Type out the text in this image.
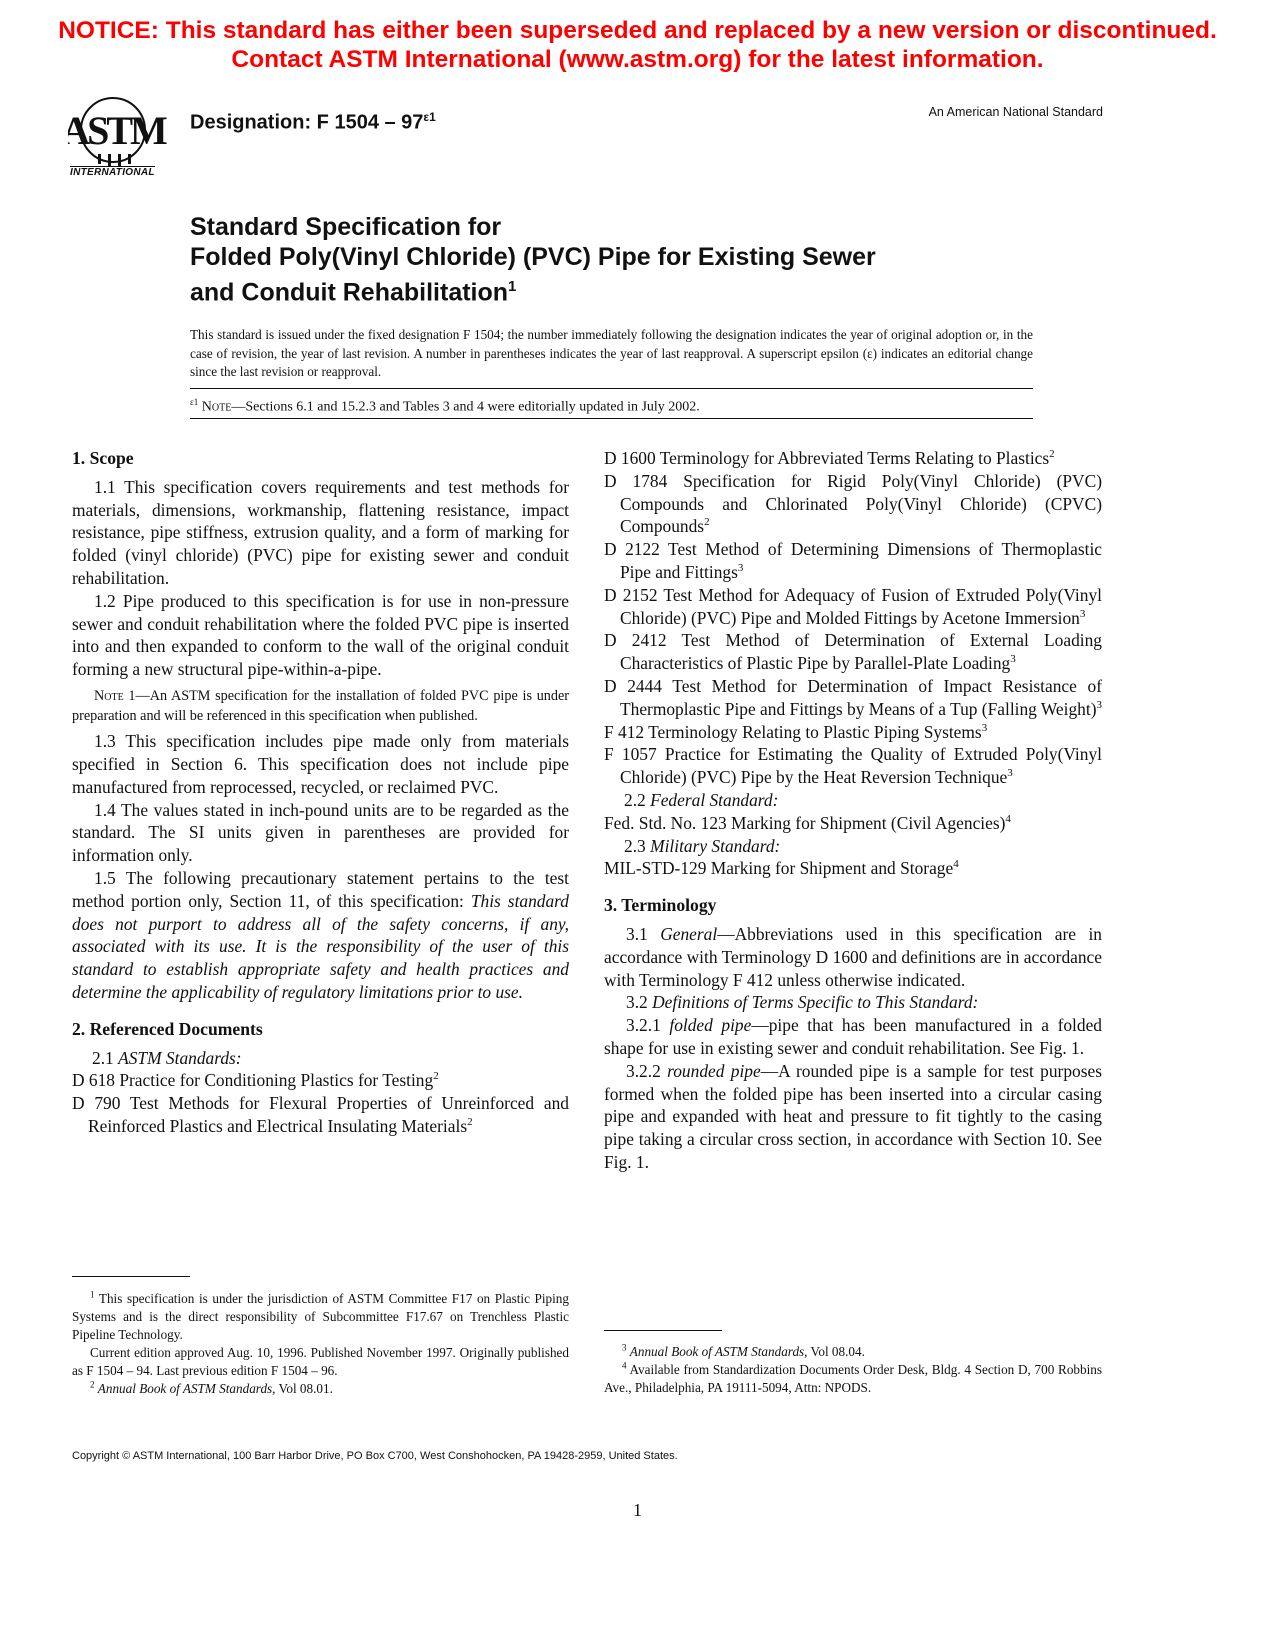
NOTICE: This standard has either been superseded and replaced by a new version or discontinued.
Contact ASTM International (www.astm.org) for the latest information.
ASTM
INTERNATIONAL
Designation: F $1504 - 97^{\varepsilon 1}$	An American National Standard
Standard Specification for
Folded Poly(Vinyl Chloride) (PVC) Pipe for Existing Sewer
and Conduit Rehabilitation$^1$
This standard is issued under the fixed designation F 1504; the number immediately following the designation indicates the year of original adoption or, in the case of revision, the year of last revision. A number in parentheses indicates the year of last reapproval. A superscript epsilon (ε) indicates an editorial change since the last revision or reapproval.
$^{\varepsilon 1}$ Note—Sections 6.1 and 15.2.3 and Tables 3 and 4 were editorially updated in July 2002.
1. Scope

1.1 This specification covers requirements and test methods for materials, dimensions, workmanship, flattening resistance, impact resistance, pipe stiffness, extrusion quality, and a form of marking for folded (vinyl chloride) (PVC) pipe for existing sewer and conduit rehabilitation.

1.2 Pipe produced to this specification is for use in non-pressure sewer and conduit rehabilitation where the folded PVC pipe is inserted into and then expanded to conform to the wall of the original conduit forming a new structural pipe-within-a-pipe.

Note 1—An ASTM specification for the installation of folded PVC pipe is under preparation and will be referenced in this specification when published.

1.3 This specification includes pipe made only from materials specified in Section 6. This specification does not include pipe manufactured from reprocessed, recycled, or reclaimed PVC.

1.4 The values stated in inch-pound units are to be regarded as the standard. The SI units given in parentheses are provided for information only.

1.5 The following precautionary statement pertains to the test method portion only, Section 11, of this specification: This standard does not purport to address all of the safety concerns, if any, associated with its use. It is the responsibility of the user of this standard to establish appropriate safety and health practices and determine the applicability of regulatory limitations prior to use.

2. Referenced Documents

2.1 ASTM Standards:

D 618 Practice for Conditioning Plastics for Testing$^2$

D 790 Test Methods for Flexural Properties of Unreinforced and Reinforced Plastics and Electrical Insulating Materials$^2$

$^1$ This specification is under the jurisdiction of ASTM Committee F17 on Plastic Piping Systems and is the direct responsibility of Subcommittee F17.67 on Trenchless Plastic Pipeline Technology.

Current edition approved Aug. 10, 1996. Published November 1997. Originally published as F 1504 – 94. Last previous edition F 1504 – 96.

$^2$ Annual Book of ASTM Standards, Vol 08.01.

D 1600 Terminology for Abbreviated Terms Relating to Plastics$^2$

D 1784 Specification for Rigid Poly(Vinyl Chloride) (PVC) Compounds and Chlorinated Poly(Vinyl Chloride) (CPVC) Compounds$^2$

D 2122 Test Method of Determining Dimensions of Thermoplastic Pipe and Fittings$^3$

D 2152 Test Method for Adequacy of Fusion of Extruded Poly(Vinyl Chloride) (PVC) Pipe and Molded Fittings by Acetone Immersion$^3$

D 2412 Test Method of Determination of External Loading Characteristics of Plastic Pipe by Parallel-Plate Loading$^3$

D 2444 Test Method for Determination of Impact Resistance of Thermoplastic Pipe and Fittings by Means of a Tup (Falling Weight)$^3$

F 412 Terminology Relating to Plastic Piping Systems$^3$

F 1057 Practice for Estimating the Quality of Extruded Poly(Vinyl Chloride) (PVC) Pipe by the Heat Reversion Technique$^3$

2.2 Federal Standard:

Fed. Std. No. 123 Marking for Shipment (Civil Agencies)$^4$

2.3 Military Standard:

MIL-STD-129 Marking for Shipment and Storage$^4$

3. Terminology

3.1 General—Abbreviations used in this specification are in accordance with Terminology D 1600 and definitions are in accordance with Terminology F 412 unless otherwise indicated.

3.2 Definitions of Terms Specific to This Standard:

3.2.1 folded pipe—pipe that has been manufactured in a folded shape for use in existing sewer and conduit rehabilitation. See Fig. 1.

3.2.2 rounded pipe—A rounded pipe is a sample for test purposes formed when the folded pipe has been inserted into a circular casing pipe and expanded with heat and pressure to fit tightly to the casing pipe taking a circular cross section, in accordance with Section 10. See Fig. 1.

$^3$ Annual Book of ASTM Standards, Vol 08.04.

$^4$ Available from Standardization Documents Order Desk, Bldg. 4 Section D, 700 Robbins Ave., Philadelphia, PA 19111-5094, Attn: NPODS.

Copyright © ASTM International, 100 Barr Harbor Drive, PO Box C700, West Conshohocken, PA 19428-2959, United States.
1
